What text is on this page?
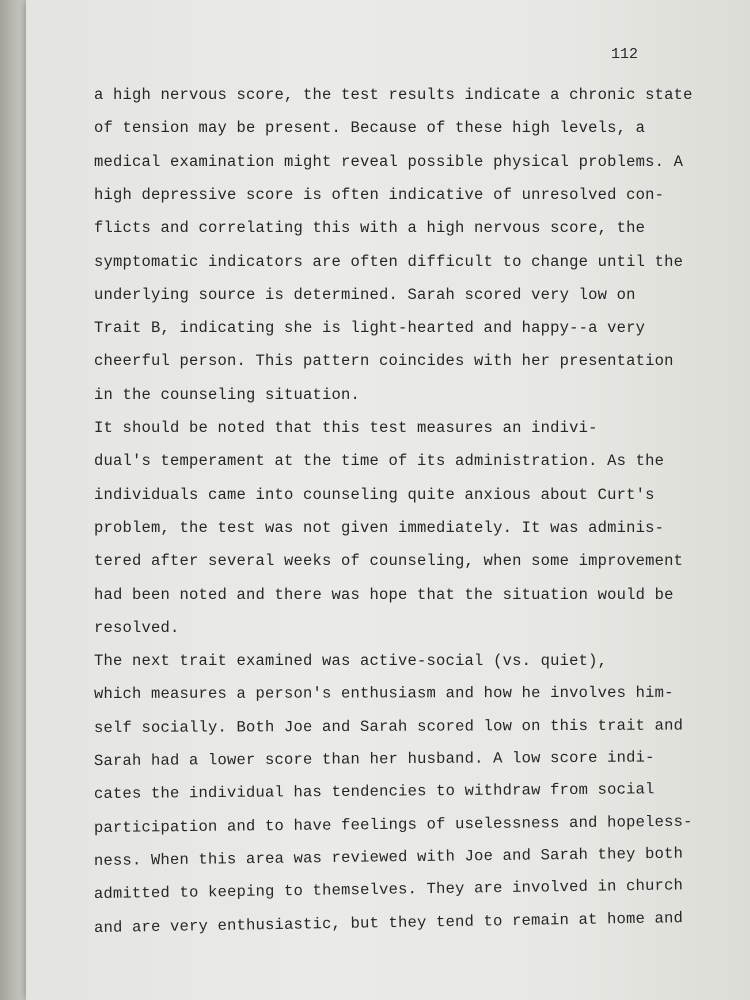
112
a high nervous score, the test results indicate a chronic state
of tension may be present. Because of these high levels, a
medical examination might reveal possible physical problems. A
high depressive score is often indicative of unresolved con-
flicts and correlating this with a high nervous score, the
symptomatic indicators are often difficult to change until the
underlying source is determined. Sarah scored very low on
Trait B, indicating she is light-hearted and happy--a very
cheerful person. This pattern coincides with her presentation
in the counseling situation.
It should be noted that this test measures an indivi-
dual's temperament at the time of its administration. As the
individuals came into counseling quite anxious about Curt's
problem, the test was not given immediately. It was adminis-
tered after several weeks of counseling, when some improvement
had been noted and there was hope that the situation would be
resolved.
The next trait examined was active-social (vs. quiet),
which measures a person's enthusiasm and how he involves him-
self socially. Both Joe and Sarah scored low on this trait and
Sarah had a lower score than her husband. A low score indi-
cates the individual has tendencies to withdraw from social
participation and to have feelings of uselessness and hopeless-
ness. When this area was reviewed with Joe and Sarah they both
admitted to keeping to themselves. They are involved in church
and are very enthusiastic, but they tend to remain at home and
